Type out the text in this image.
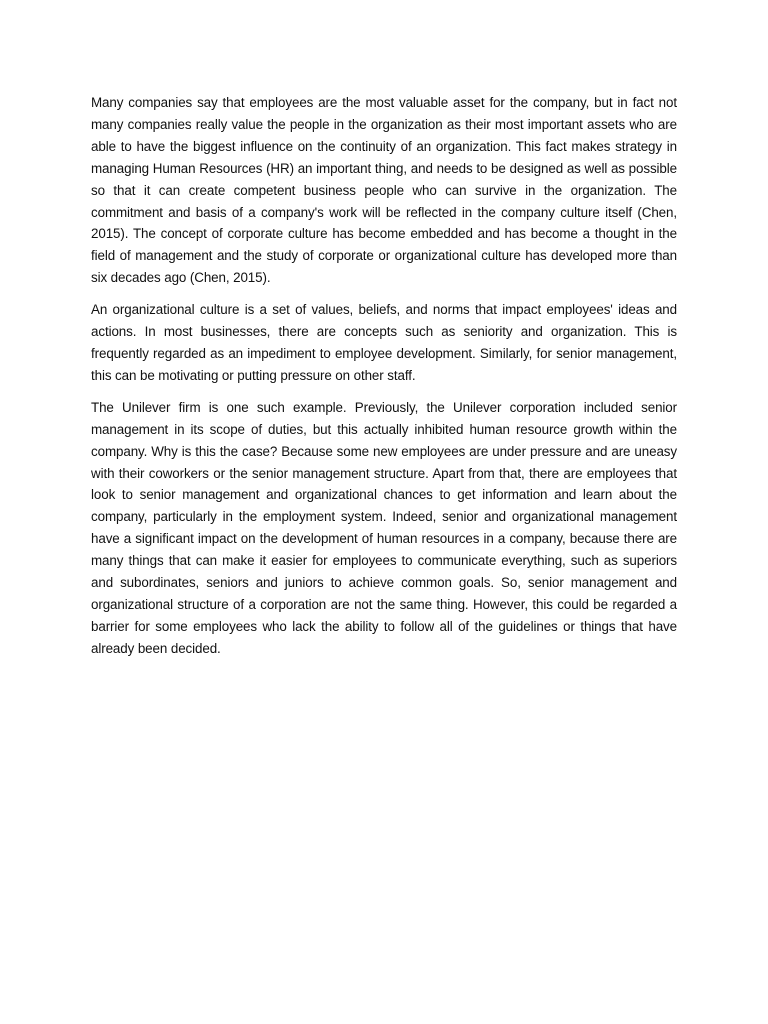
Many companies say that employees are the most valuable asset for the company, but in fact not many companies really value the people in the organization as their most important assets who are able to have the biggest influence on the continuity of an organization. This fact makes strategy in managing Human Resources (HR) an important thing, and needs to be designed as well as possible so that it can create competent business people who can survive in the organization. The commitment and basis of a company's work will be reflected in the company culture itself (Chen, 2015). The concept of corporate culture has become embedded and has become a thought in the field of management and the study of corporate or organizational culture has developed more than six decades ago (Chen, 2015).

An organizational culture is a set of values, beliefs, and norms that impact employees' ideas and actions. In most businesses, there are concepts such as seniority and organization. This is frequently regarded as an impediment to employee development. Similarly, for senior management, this can be motivating or putting pressure on other staff.

The Unilever firm is one such example. Previously, the Unilever corporation included senior management in its scope of duties, but this actually inhibited human resource growth within the company. Why is this the case? Because some new employees are under pressure and are uneasy with their coworkers or the senior management structure. Apart from that, there are employees that look to senior management and organizational chances to get information and learn about the company, particularly in the employment system. Indeed, senior and organizational management have a significant impact on the development of human resources in a company, because there are many things that can make it easier for employees to communicate everything, such as superiors and subordinates, seniors and juniors to achieve common goals. So, senior management and organizational structure of a corporation are not the same thing. However, this could be regarded a barrier for some employees who lack the ability to follow all of the guidelines or things that have already been decided.
